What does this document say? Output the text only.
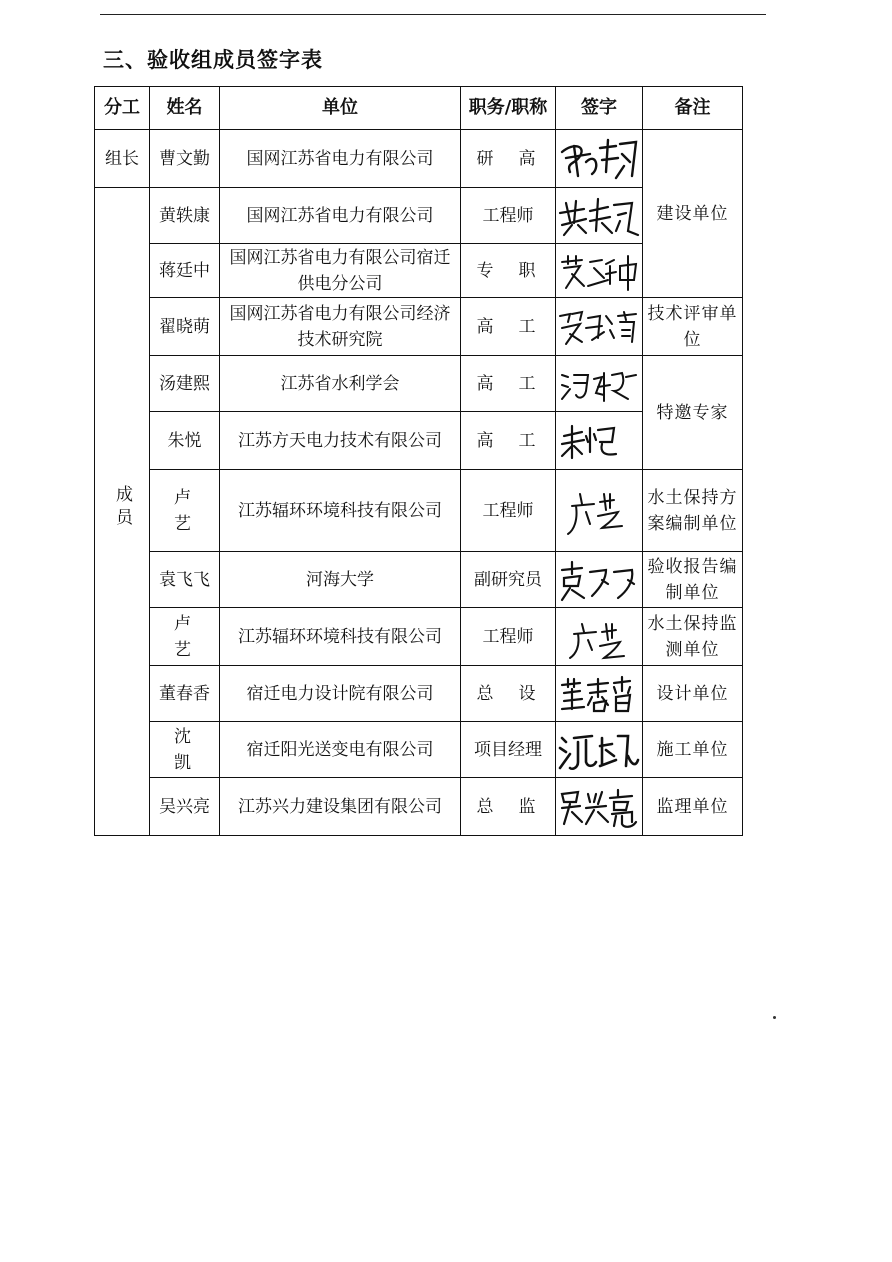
三、验收组成员签字表
分工	姓名	单位	职务/职称	签字	备注
组长	曹文勤	国网江苏省电力有限公司	研　高		建设单位
成员	黄轶康	国网江苏省电力有限公司	工程师	

	蒋廷中	国网江苏省电力有限公司宿迁供电分公司	专　职	

	翟晓萌	国网江苏省电力有限公司经济技术研究院	高　工		技术评审单位
	汤建熙	江苏省水利学会	高　工		特邀专家
	朱悦	江苏方天电力技术有限公司	高　工	

	卢　艺	江苏辐环环境科技有限公司	工程师		水土保持方案编制单位
	袁飞飞	河海大学	副研究员		验收报告编制单位
	卢　艺	江苏辐环环境科技有限公司	工程师		水土保持监测单位
	董春香	宿迁电力设计院有限公司	总　设		设计单位
	沈　凯	宿迁阳光送变电有限公司	项目经理		施工单位
	吴兴亮	江苏兴力建设集团有限公司	总　监		监理单位
